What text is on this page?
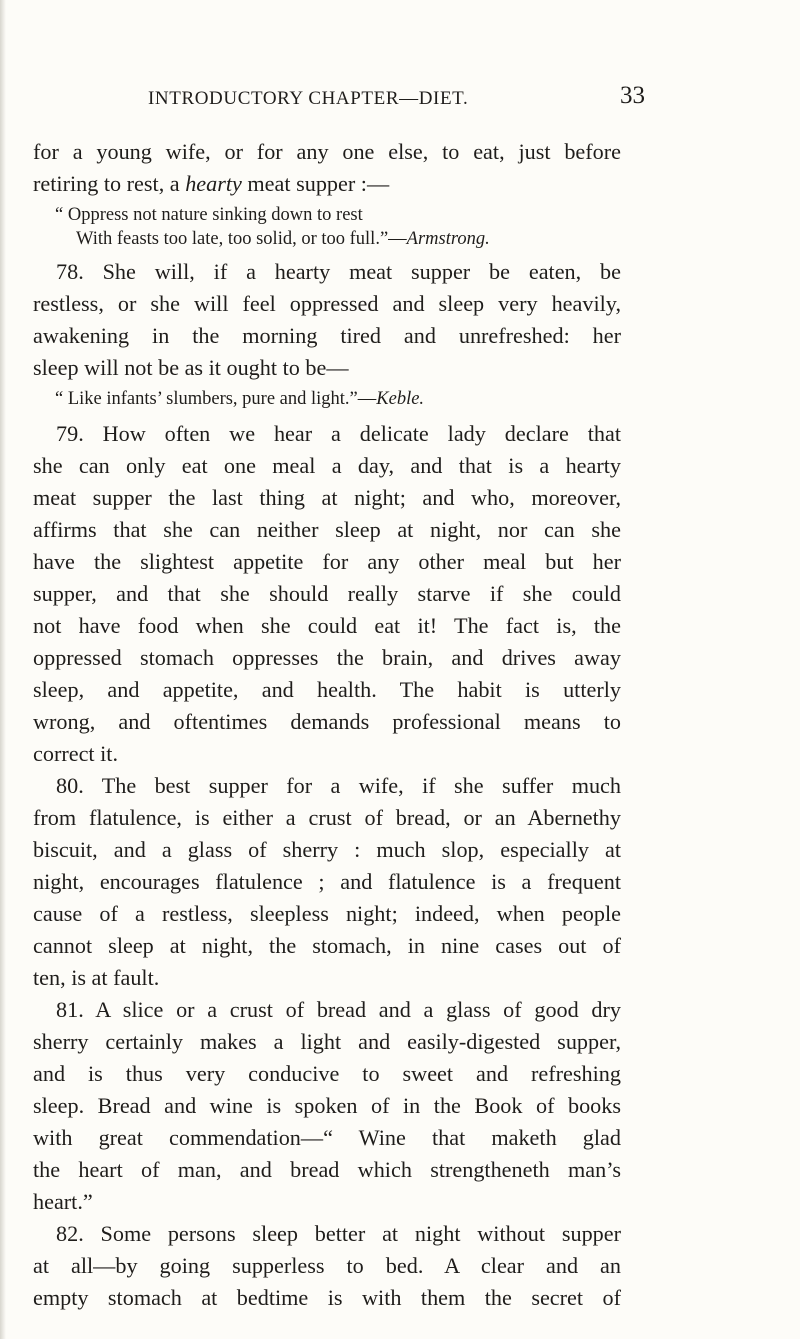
INTRODUCTORY CHAPTER—DIET.	33
for a young wife, or for any one else, to eat, just before
retiring to rest, a hearty meat supper :—
“ Oppress not nature sinking down to rest
With feasts too late, too solid, or too full.”—Armstrong.
78. She will, if a hearty meat supper be eaten, be
restless, or she will feel oppressed and sleep very heavily,
awakening in the morning tired and unrefreshed: her
sleep will not be as it ought to be—
“ Like infants’ slumbers, pure and light.”—Keble.
79. How often we hear a delicate lady declare that
she can only eat one meal a day, and that is a hearty
meat supper the last thing at night; and who, moreover,
affirms that she can neither sleep at night, nor can she
have the slightest appetite for any other meal but her
supper, and that she should really starve if she could
not have food when she could eat it! The fact is, the
oppressed stomach oppresses the brain, and drives away
sleep, and appetite, and health. The habit is utterly
wrong, and oftentimes demands professional means to
correct it.
80. The best supper for a wife, if she suffer much
from flatulence, is either a crust of bread, or an Abernethy
biscuit, and a glass of sherry : much slop, especially at
night, encourages flatulence ; and flatulence is a frequent
cause of a restless, sleepless night; indeed, when people
cannot sleep at night, the stomach, in nine cases out of
ten, is at fault.
81. A slice or a crust of bread and a glass of good dry
sherry certainly makes a light and easily-digested supper,
and is thus very conducive to sweet and refreshing
sleep. Bread and wine is spoken of in the Book of books
with great commendation—“ Wine that maketh glad
the heart of man, and bread which strengtheneth man’s
heart.”
82. Some persons sleep better at night without supper
at all—by going supperless to bed. A clear and an
empty stomach at bedtime is with them the secret of
